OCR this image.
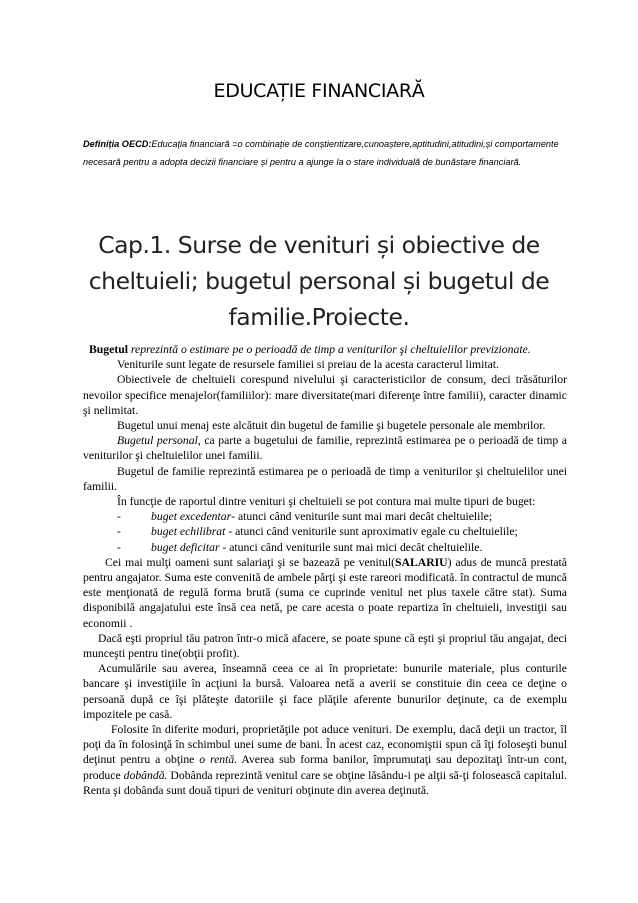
EDUCAȚIE FINANCIARĂ
Definiția OECD:Educația financiară =o combinație de conștientizare,cunoaștere,aptitudini,atitudini,și comportamente necesară pentru a adopta decizii financiare și pentru a ajunge la o stare individuală de bunăstare financiară.
Cap.1. Surse de venituri și obiective de cheltuieli; bugetul personal și bugetul de familie.Proiecte.

Bugetul reprezintă o estimare pe o perioadă de timp a veniturilor şi cheltuielilor previzionate.

Veniturile sunt legate de resursele familiei si preiau de la acesta caracterul limitat.

Obiectivele de cheltuieli corespund nivelului şi caracteristicilor de consum, deci trăsăturilor nevoilor specifice menajelor(familiilor): mare diversitate(mari diferenţe între familii), caracter dinamic şi nelimitat.

Bugetul unui menaj este alcătuit din bugetul de familie şi bugetele personale ale membrilor.

Bugetul personal, ca parte a bugetului de familie, reprezintă estimarea pe o perioadă de timp a veniturilor şi cheltuielilor unei familii.

Bugetul de familie reprezintă estimarea pe o perioadă de timp a veniturilor şi cheltuielilor unei familii.

În funcţie de raportul dintre venituri şi cheltuieli se pot contura mai multe tipuri de buget:

-	buget excedentar- atunci când veniturile sunt mai mari decât cheltuielile;
-	buget echilibrat - atunci când veniturile sunt aproximativ egale cu cheltuielile;
-	buget deficitar - atunci când veniturile sunt mai mici decât cheltuielile.

Cei mai mulţi oameni sunt salariaţi şi se bazează pe venitul(SALARIU) adus de muncă prestată pentru angajator. Suma este convenită de ambele părţi şi este rareori modificată. în contractul de muncă este menţionată de regulă forma brută (suma ce cuprinde venitul net plus taxele către stat). Suma disponibilă angajatului este însă cea netă, pe care acesta o poate repartiza în cheltuieli, investiţii sau economii .

Dacă eşti propriul tău patron într-o mică afacere, se poate spune că eşti şi propriul tău angajat, deci munceşti pentru tine(obţii profit).

Acumulările sau averea, înseamnă ceea ce ai în proprietate: bunurile materiale, plus conturile bancare şi investiţiile în acţiuni la bursă. Valoarea netă a averii se constituie din ceea ce deţine o persoană după ce îşi plăteşte datoriile şi face plăţile aferente bunurilor deţinute, ca de exemplu impozitele pe casă.

Folosite în diferite moduri, proprietăţile pot aduce venituri. De exemplu, dacă deţii un tractor, îl poţi da în folosinţă în schimbul unei sume de bani. În acest caz, economiştii spun că îţi foloseşti bunul deţinut pentru a obţine o rentă. Averea sub forma banilor, împrumutaţi sau depozitaţi într-un cont, produce dobândă. Dobânda reprezintă venitul care se obţine lăsându-i pe alţii să-ţi folosească capitalul. Renta şi dobânda sunt două tipuri de venituri obţinute din averea deţinută.
